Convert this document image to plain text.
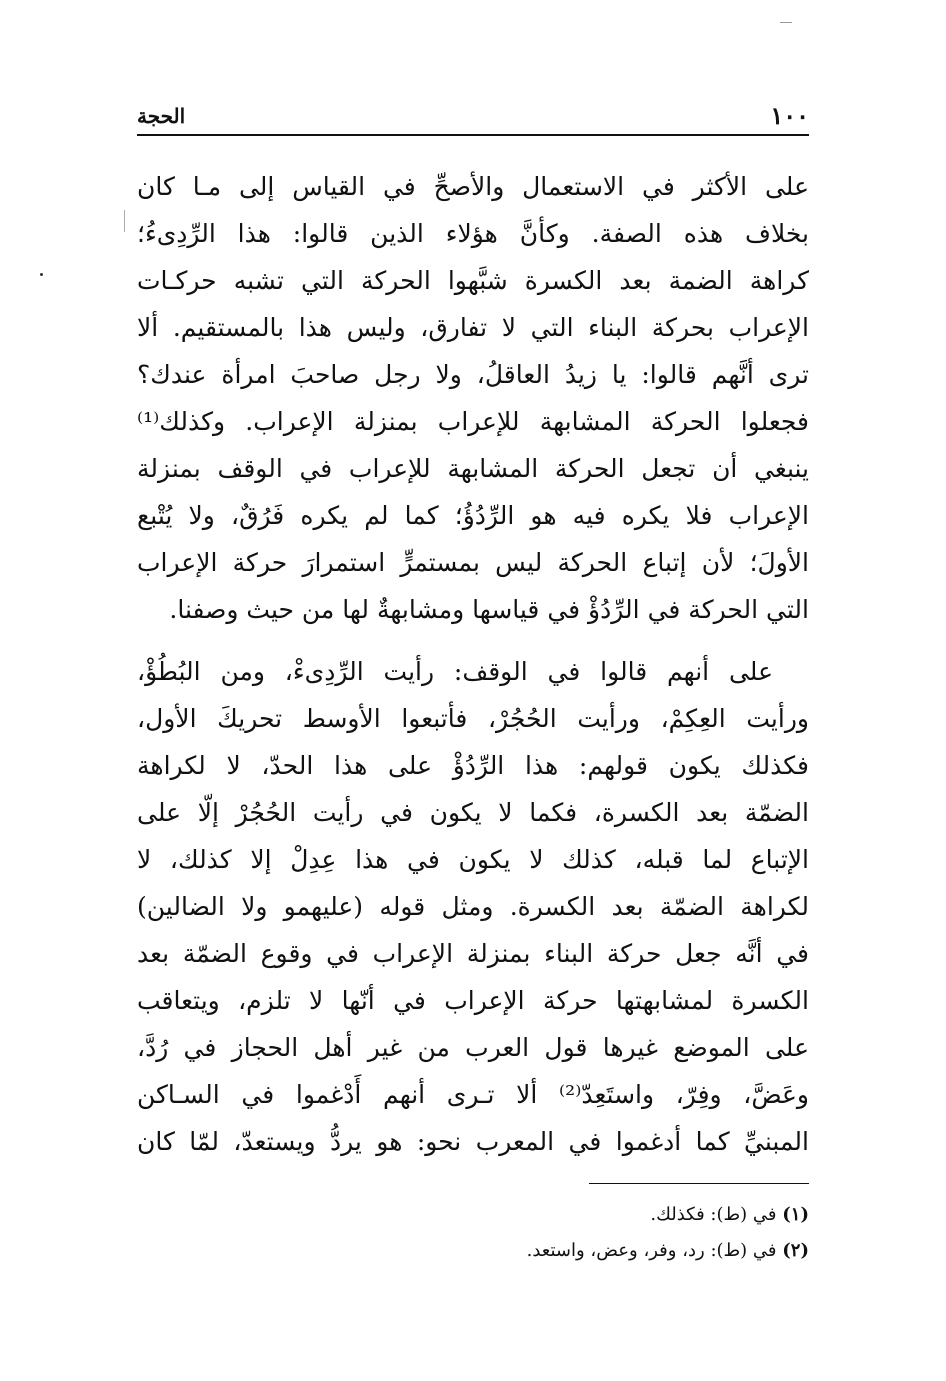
١٠٠
الحجة
على الأكثر في الاستعمال والأصحِّ في القياس إلى مـا كان
بخلاف هذه الصفة. وكأنَّ هؤلاء الذين قالوا: هذا الرِّدِىءُ؛
كراهة الضمة بعد الكسرة شبَّهوا الحركة التي تشبه حركـات
الإعراب بحركة البناء التي لا تفارق، وليس هذا بالمستقيم. ألا
ترى أنَّهم قالوا: يا زيدُ العاقلُ، ولا رجل صاحبَ امرأة عندك؟
فجعلوا الحركة المشابهة للإعراب بمنزلة الإعراب. وكذلك⁽¹⁾
ينبغي أن تجعل الحركة المشابهة للإعراب في الوقف بمنزلة
الإعراب فلا يكره فيه هو الرِّدُؤُ؛ كما لم يكره فَرُقٌ، ولا يُتْبع
الأولَ؛ لأن إتباع الحركة ليس بمستمرٍّ استمرارَ حركة الإعراب
التي الحركة في الرِّدُؤْ في قياسها ومشابهةٌ لها من حيث وصفنا.
على أنهم قالوا في الوقف: رأيت الرِّدِىءْ، ومن البُطُؤْ،
ورأيت العِكِمْ، ورأيت الحُجُرْ، فأتبعوا الأوسط تحريكَ الأول،
فكذلك يكون قولهم: هذا الرِّدُؤْ على هذا الحدّ، لا لكراهة
الضمّة بعد الكسرة، فكما لا يكون في رأيت الحُجُرْ إلّا على
الإتباع لما قبله، كذلك لا يكون في هذا عِدِلْ إلا كذلك، لا
لكراهة الضمّة بعد الكسرة. ومثل قوله (عليهمو ولا الضالين)
في أنَّه جعل حركة البناء بمنزلة الإعراب في وقوع الضمّة بعد
الكسرة لمشابهتها حركة الإعراب في أنّها لا تلزم، ويتعاقب
على الموضع غيرها قول العرب من غير أهل الحجاز في رُدَّ،
وعَضَّ، وفِرّ، واستَعِدّ⁽²⁾ ألا تـرى أنهم أَدْغموا في السـاكن
المبنيِّ كما أدغموا في المعرب نحو: هو يردُّ ويستعدّ، لمّا كان
(١) في (ط): فكذلك.
(٢) في (ط): رد، وفر، وعض، واستعد.
